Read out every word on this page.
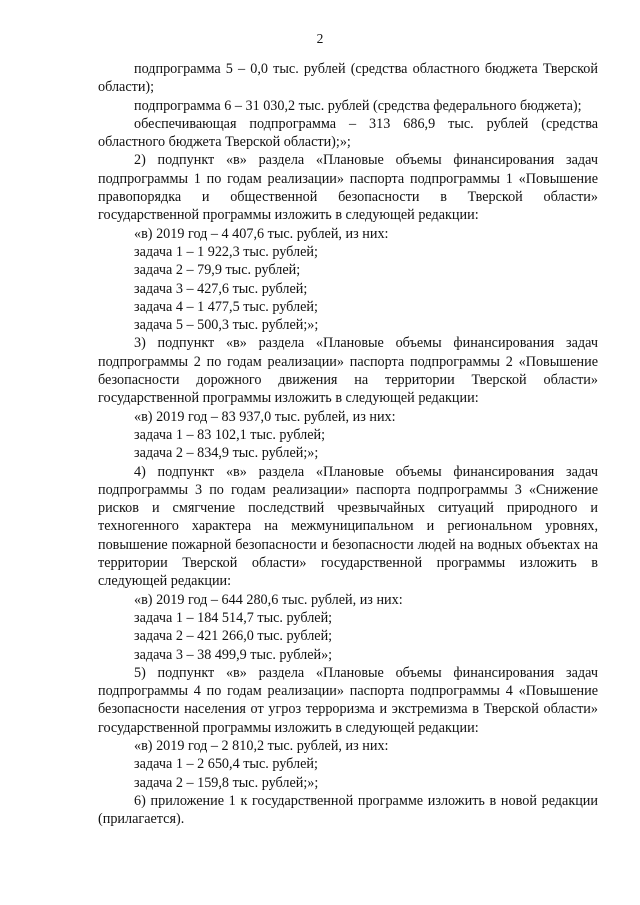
2

подпрограмма 5 – 0,0 тыс. рублей (средства областного бюджета Тверской области);

подпрограмма 6 – 31 030,2 тыс. рублей (средства федерального бюджета);

обеспечивающая подпрограмма – 313 686,9 тыс. рублей (средства областного бюджета Тверской области);»;

2) подпункт «в» раздела «Плановые объемы финансирования задач подпрограммы 1 по годам реализации» паспорта подпрограммы 1 «Повышение правопорядка и общественной безопасности в Тверской области» государственной программы изложить в следующей редакции:

«в) 2019 год – 4 407,6 тыс. рублей, из них:

задача 1 – 1 922,3 тыс. рублей;

задача 2 – 79,9 тыс. рублей;

задача 3 – 427,6 тыс. рублей;

задача 4 – 1 477,5 тыс. рублей;

задача 5 – 500,3 тыс. рублей;»;

3) подпункт «в» раздела «Плановые объемы финансирования задач подпрограммы 2 по годам реализации» паспорта подпрограммы 2 «Повышение безопасности дорожного движения на территории Тверской области» государственной программы изложить в следующей редакции:

«в) 2019 год – 83 937,0 тыс. рублей, из них:

задача 1 – 83 102,1 тыс. рублей;

задача 2 – 834,9 тыс. рублей;»;

4) подпункт «в» раздела «Плановые объемы финансирования задач подпрограммы 3 по годам реализации» паспорта подпрограммы 3 «Снижение рисков и смягчение последствий чрезвычайных ситуаций природного и техногенного характера на межмуниципальном и региональном уровнях, повышение пожарной безопасности и безопасности людей на водных объектах на территории Тверской области» государственной программы изложить в следующей редакции:

«в) 2019 год – 644 280,6 тыс. рублей, из них:

задача 1 – 184 514,7 тыс. рублей;

задача 2 – 421 266,0 тыс. рублей;

задача 3 – 38 499,9 тыс. рублей»;

5) подпункт «в» раздела «Плановые объемы финансирования задач подпрограммы 4 по годам реализации» паспорта подпрограммы 4 «Повышение безопасности населения от угроз терроризма и экстремизма в Тверской области» государственной программы изложить в следующей редакции:

«в) 2019 год – 2 810,2 тыс. рублей, из них:

задача 1 – 2 650,4 тыс. рублей;

задача 2 – 159,8 тыс. рублей;»;

6) приложение 1 к государственной программе изложить в новой редакции (прилагается).
